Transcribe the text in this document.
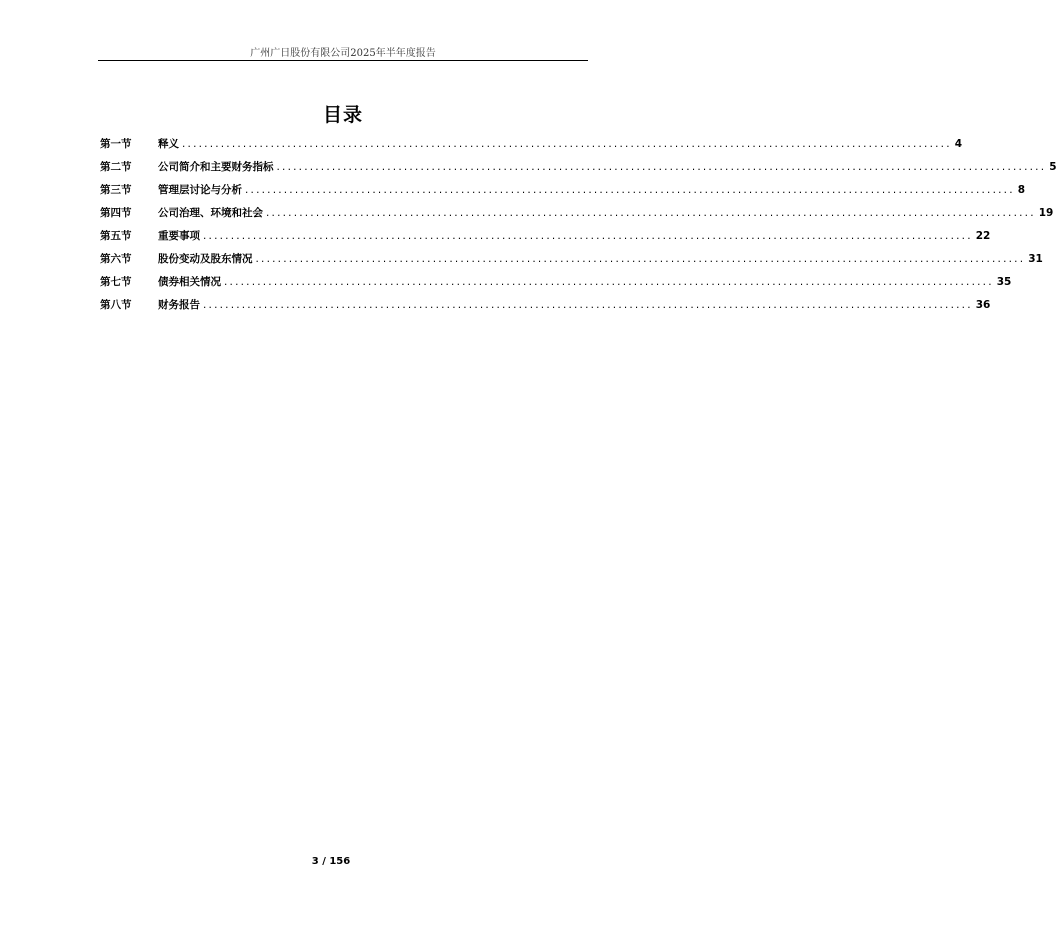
广州广日股份有限公司2025年半年度报告
目录
第一节	释义 ........................................................................................................................................... 4
第二节	公司简介和主要财务指标 ........................................................................................................................................... 5
第三节	管理层讨论与分析 ........................................................................................................................................... 8
第四节	公司治理、环境和社会 ........................................................................................................................................... 19
第五节	重要事项 ........................................................................................................................................... 22
第六节	股份变动及股东情况 ........................................................................................................................................... 31
第七节	债券相关情况 ........................................................................................................................................... 35
第八节	财务报告 ........................................................................................................................................... 36
3 / 156
